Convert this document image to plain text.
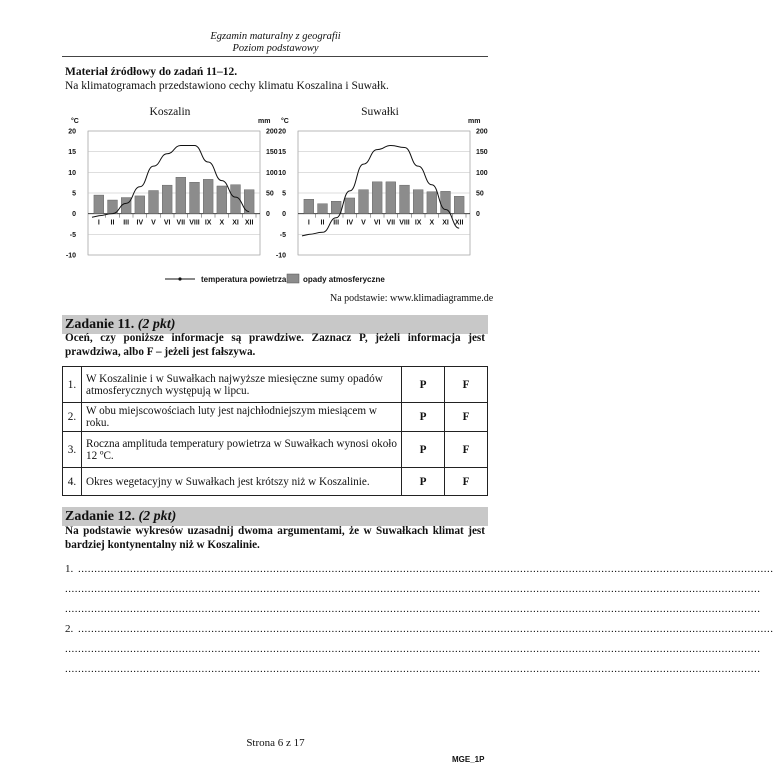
Egzamin maturalny z geografii
Poziom podstawowy
Materiał źródłowy do zadań 11–12.
Na klimatogramach przedstawiono cechy klimatu Koszalina i Suwałk.
°C	mm
20
15
10
5
0
-5
-10
200
150
100
50
0
I II III IV V VI VII VIII IX X XI XII
°C	mm
20
15
10
5
0
-5
-10
200
150
100
50
0
I II III IV V VI VII VIII IX X XI XII
temperatura powietrza opady atmosferyczne
Koszalin	Suwałki
Na podstawie: www.klimadiagramme.de
Zadanie 11. (2 pkt)
Oceń, czy poniższe informacje są prawdziwe. Zaznacz P, jeżeli informacja jest prawdziwa, albo F – jeżeli jest fałszywa.
1.	W Koszalinie i w Suwałkach najwyższe miesięczne sumy opadów atmosferycznych występują w lipcu.	P	F
2.	W obu miejscowościach luty jest najchłodniejszym miesiącem w roku.	P	F
3.	Roczna amplituda temperatury powietrza w Suwałkach wynosi około 12 ºC.	P	F
4.	Okres wegetacyjny w Suwałkach jest krótszy niż w Koszalinie.	P	F
Zadanie 12. (2 pkt)
Na podstawie wykresów uzasadnij dwoma argumentami, że w Suwałkach klimat jest bardziej kontynentalny niż w Koszalinie.
1. ......................................................................................................................................................................................................................
......................................................................................................................................................................................................................
......................................................................................................................................................................................................................
2. ......................................................................................................................................................................................................................
......................................................................................................................................................................................................................
......................................................................................................................................................................................................................
Strona 6 z 17
MGE_1P
